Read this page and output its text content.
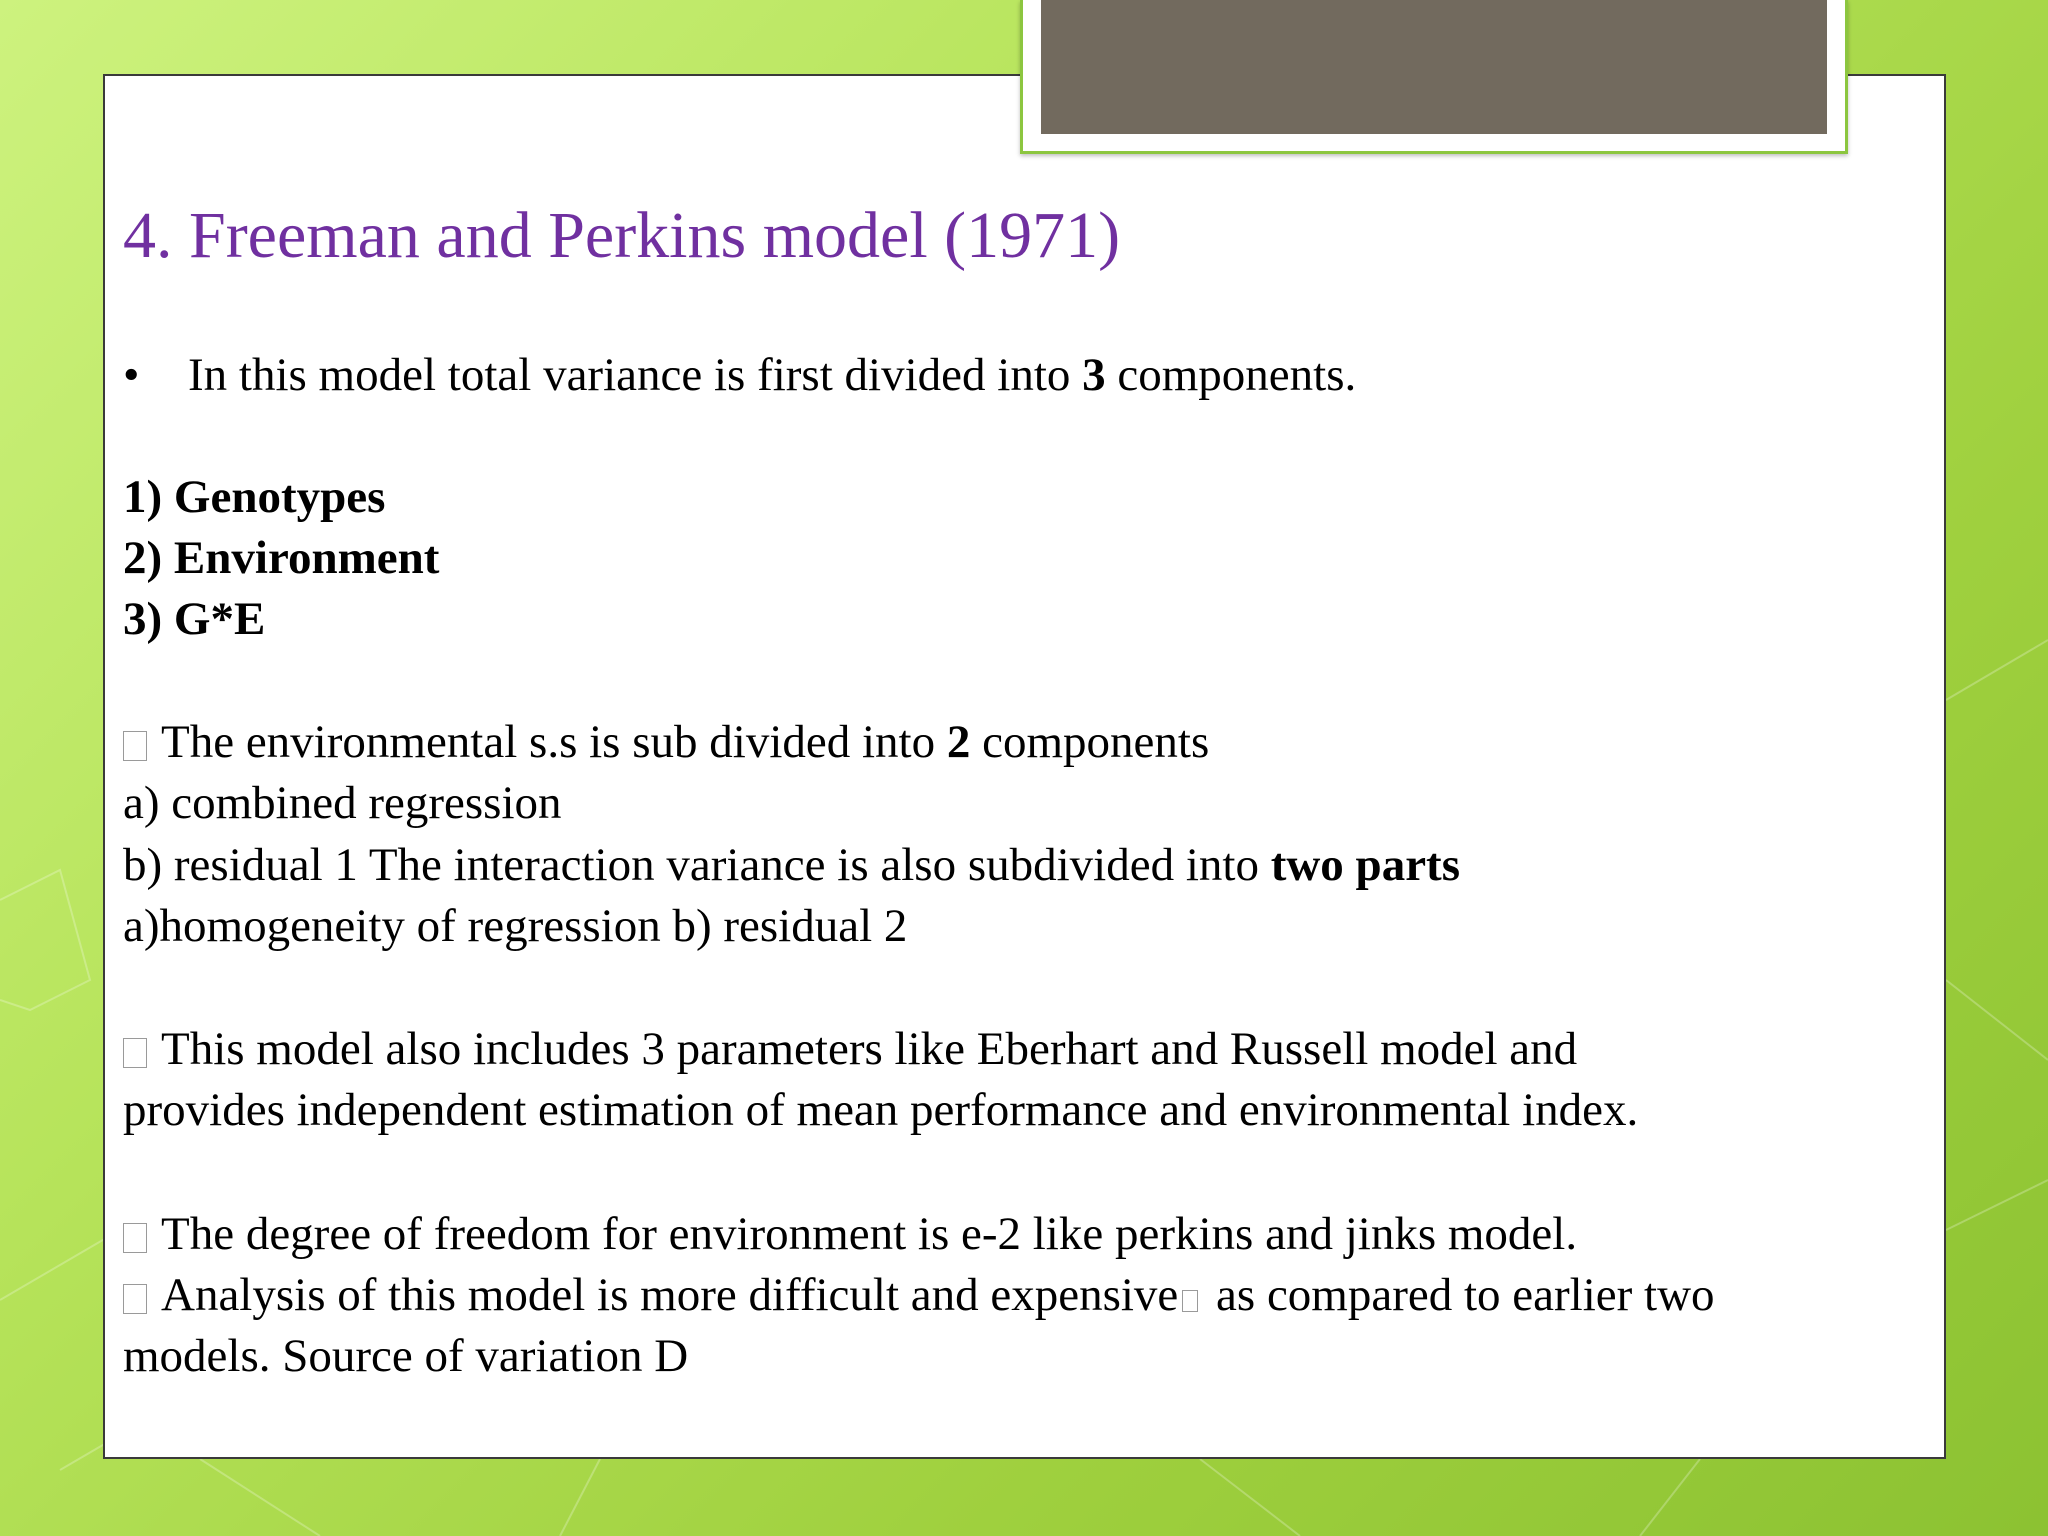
4. Freeman and Perkins model (1971)
• In this model total variance is first divided into 3 components.
1) Genotypes
2) Environment
3) G*E
The environmental s.s is sub divided into 2 components
a) combined regression
b) residual 1 The interaction variance is also subdivided into two parts
a)homogeneity of regression b) residual 2
This model also includes 3 parameters like Eberhart and Russell model and
provides independent estimation of mean performance and environmental index.
The degree of freedom for environment is e-2 like perkins and jinks model.
Analysis of this model is more difficult and expensive as compared to earlier two
models. Source of variation D
